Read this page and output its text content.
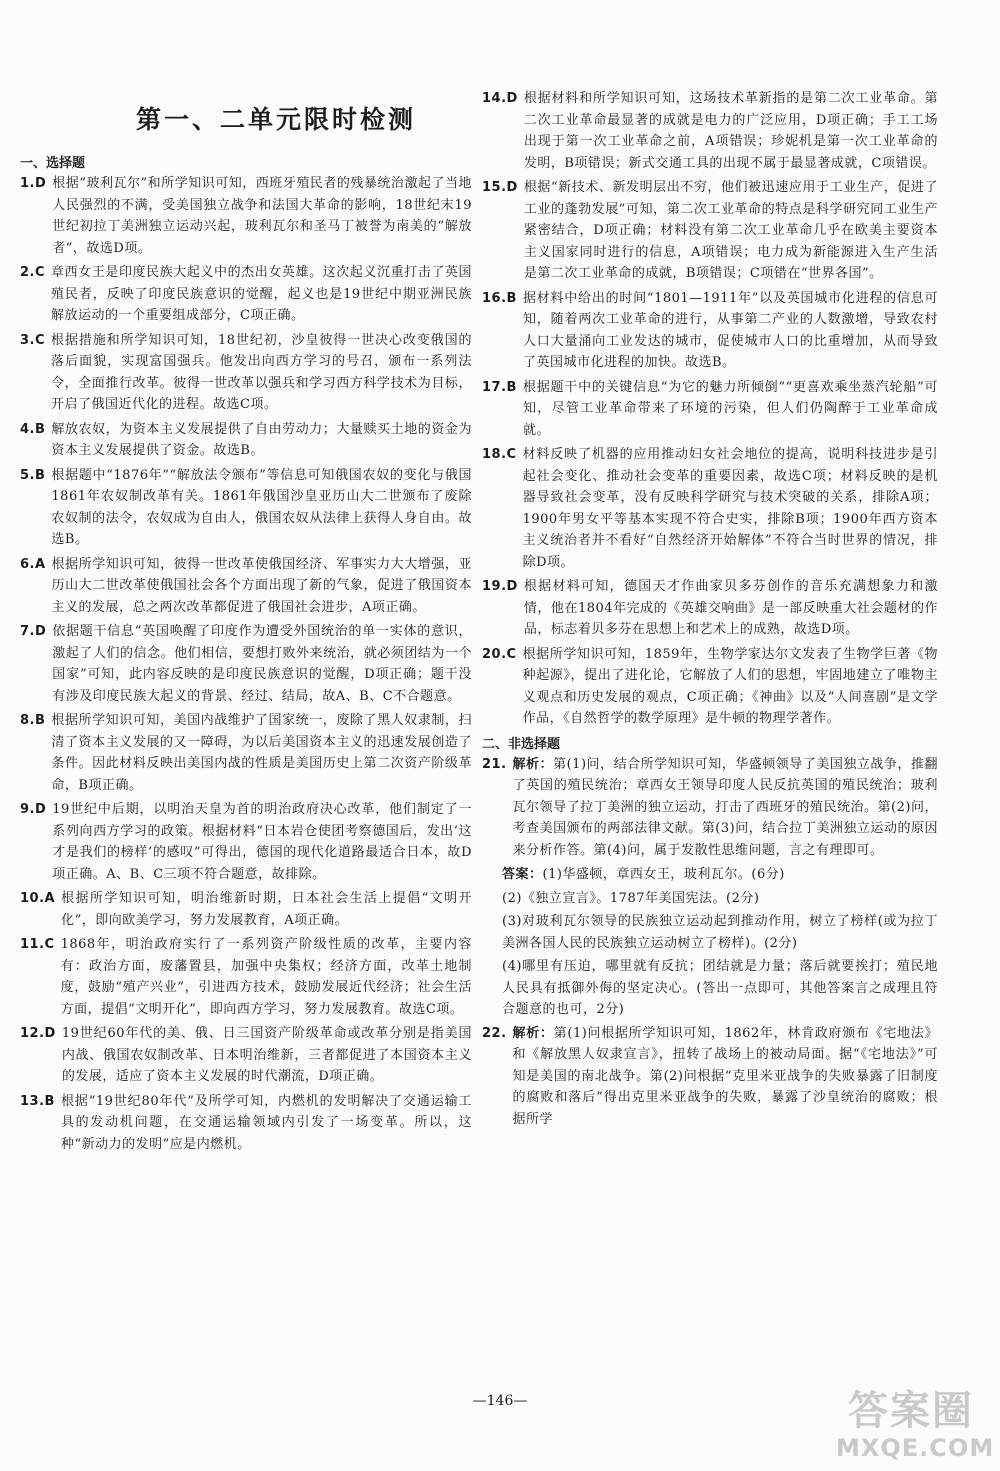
第一、二单元限时检测
一、选择题
1.D 根据“玻利瓦尔”和所学知识可知，西班牙殖民者的残暴统治激起了当地人民强烈的不满，受美国独立战争和法国大革命的影响，18世纪末19世纪初拉丁美洲独立运动兴起，玻利瓦尔和圣马丁被誉为南美的“解放者”，故选D项。
2.C 章西女王是印度民族大起义中的杰出女英雄。这次起义沉重打击了英国殖民者，反映了印度民族意识的觉醒，起义也是19世纪中期亚洲民族解放运动的一个重要组成部分，C项正确。
3.C 根据措施和所学知识可知，18世纪初，沙皇彼得一世决心改变俄国的落后面貌，实现富国强兵。他发出向西方学习的号召，颁布一系列法令，全面推行改革。彼得一世改革以强兵和学习西方科学技术为目标，开启了俄国近代化的进程。故选C项。
4.B 解放农奴，为资本主义发展提供了自由劳动力；大量赎买土地的资金为资本主义发展提供了资金。故选B。
5.B 根据题中“1876年”“解放法令颁布”等信息可知俄国农奴的变化与俄国1861年农奴制改革有关。1861年俄国沙皇亚历山大二世颁布了废除农奴制的法令，农奴成为自由人，俄国农奴从法律上获得人身自由。故选B。
6.A 根据所学知识可知，彼得一世改革使俄国经济、军事实力大大增强，亚历山大二世改革使俄国社会各个方面出现了新的气象，促进了俄国资本主义的发展，总之两次改革都促进了俄国社会进步，A项正确。
7.D 依据题干信息“英国唤醒了印度作为遭受外国统治的单一实体的意识，激起了人们的信念。他们相信，要想打败外来统治，就必须团结为一个国家”可知，此内容反映的是印度民族意识的觉醒，D项正确；题干没有涉及印度民族大起义的背景、经过、结局，故A、B、C不合题意。
8.B 根据所学知识可知，美国内战维护了国家统一，废除了黑人奴隶制，扫清了资本主义发展的又一障碍，为以后美国资本主义的迅速发展创造了条件。因此材料反映出美国内战的性质是美国历史上第二次资产阶级革命，B项正确。
9.D 19世纪中后期，以明治天皇为首的明治政府决心改革，他们制定了一系列向西方学习的政策。根据材料“日本岩仓使团考察德国后，发出‘这才是我们的榜样’的感叹”可得出，德国的现代化道路最适合日本，故D项正确。A、B、C三项不符合题意，故排除。
10.A 根据所学知识可知，明治维新时期，日本社会生活上提倡“文明开化”，即向欧美学习，努力发展教育，A项正确。
11.C 1868年，明治政府实行了一系列资产阶级性质的改革，主要内容有：政治方面，废藩置县，加强中央集权；经济方面，改革土地制度，鼓励“殖产兴业”，引进西方技术，鼓励发展近代经济；社会生活方面，提倡“文明开化”，即向西方学习，努力发展教育。故选C项。
12.D 19世纪60年代的美、俄、日三国资产阶级革命或改革分别是指美国内战、俄国农奴制改革、日本明治维新，三者都促进了本国资本主义的发展，适应了资本主义发展的时代潮流，D项正确。
13.B 根据“19世纪80年代”及所学可知，内燃机的发明解决了交通运输工具的发动机问题，在交通运输领域内引发了一场变革。所以，这种“新动力的发明”应是内燃机。
14.D 根据材料和所学知识可知，这场技术革新指的是第二次工业革命。第二次工业革命最显著的成就是电力的广泛应用，D项正确；手工工场出现于第一次工业革命之前，A项错误；珍妮机是第一次工业革命的发明，B项错误；新式交通工具的出现不属于最显著成就，C项错误。
15.D 根据“新技术、新发明层出不穷，他们被迅速应用于工业生产，促进了工业的蓬勃发展”可知，第二次工业革命的特点是科学研究同工业生产紧密结合，D项正确；材料没有第二次工业革命几乎在欧美主要资本主义国家同时进行的信息，A项错误；电力成为新能源进入生产生活是第二次工业革命的成就，B项错误；C项错在“世界各国”。
16.B 据材料中给出的时间“1801—1911年”以及英国城市化进程的信息可知，随着两次工业革命的进行，从事第二产业的人数激增，导致农村人口大量涌向工业发达的城市，促使城市人口的比重增加，从而导致了英国城市化进程的加快。故选B。
17.B 根据题干中的关键信息“为它的魅力所倾倒”“更喜欢乘坐蒸汽轮船”可知，尽管工业革命带来了环境的污染，但人们仍陶醉于工业革命成就。
18.C 材料反映了机器的应用推动妇女社会地位的提高，说明科技进步是引起社会变化、推动社会变革的重要因素，故选C项；材料反映的是机器导致社会变革，没有反映科学研究与技术突破的关系，排除A项；1900年男女平等基本实现不符合史实，排除B项；1900年西方资本主义统治者并不看好“自然经济开始解体”不符合当时世界的情况，排除D项。
19.D 根据材料可知，德国天才作曲家贝多芬创作的音乐充满想象力和激情，他在1804年完成的《英雄交响曲》是一部反映重大社会题材的作品，标志着贝多芬在思想上和艺术上的成熟，故选D项。
20.C 根据所学知识可知，1859年，生物学家达尔文发表了生物学巨著《物种起源》，提出了进化论，它解放了人们的思想，牢固地建立了唯物主义观点和历史发展的观点，C项正确；《神曲》以及“人间喜剧”是文学作品，《自然哲学的数学原理》是牛顿的物理学著作。
二、非选择题
21. 解析：第(1)问，结合所学知识可知，华盛顿领导了美国独立战争，推翻了英国的殖民统治；章西女王领导印度人民反抗英国的殖民统治；玻利瓦尔领导了拉丁美洲的独立运动，打击了西班牙的殖民统治。第(2)问，考查美国颁布的两部法律文献。第(3)问，结合拉丁美洲独立运动的原因来分析作答。第(4)问，属于发散性思维问题，言之有理即可。

答案：(1)华盛顿，章西女王，玻利瓦尔。(6分)

(2)《独立宣言》。1787年美国宪法。(2分)

(3)对玻利瓦尔领导的民族独立运动起到推动作用，树立了榜样(或为拉丁美洲各国人民的民族独立运动树立了榜样)。(2分)

(4)哪里有压迫，哪里就有反抗；团结就是力量；落后就要挨打；殖民地人民具有抵御外侮的坚定决心。(答出一点即可，其他答案言之成理且符合题意的也可，2分)

22. 解析：第(1)问根据所学知识可知，1862年，林肯政府颁布《宅地法》和《解放黑人奴隶宣言》，扭转了战场上的被动局面。据“《宅地法》”可知是美国的南北战争。第(2)问根据“克里米亚战争的失败暴露了旧制度的腐败和落后”得出克里米亚战争的失败，暴露了沙皇统治的腐败；根据所学
—146—	答案圈
MXQE.COM
